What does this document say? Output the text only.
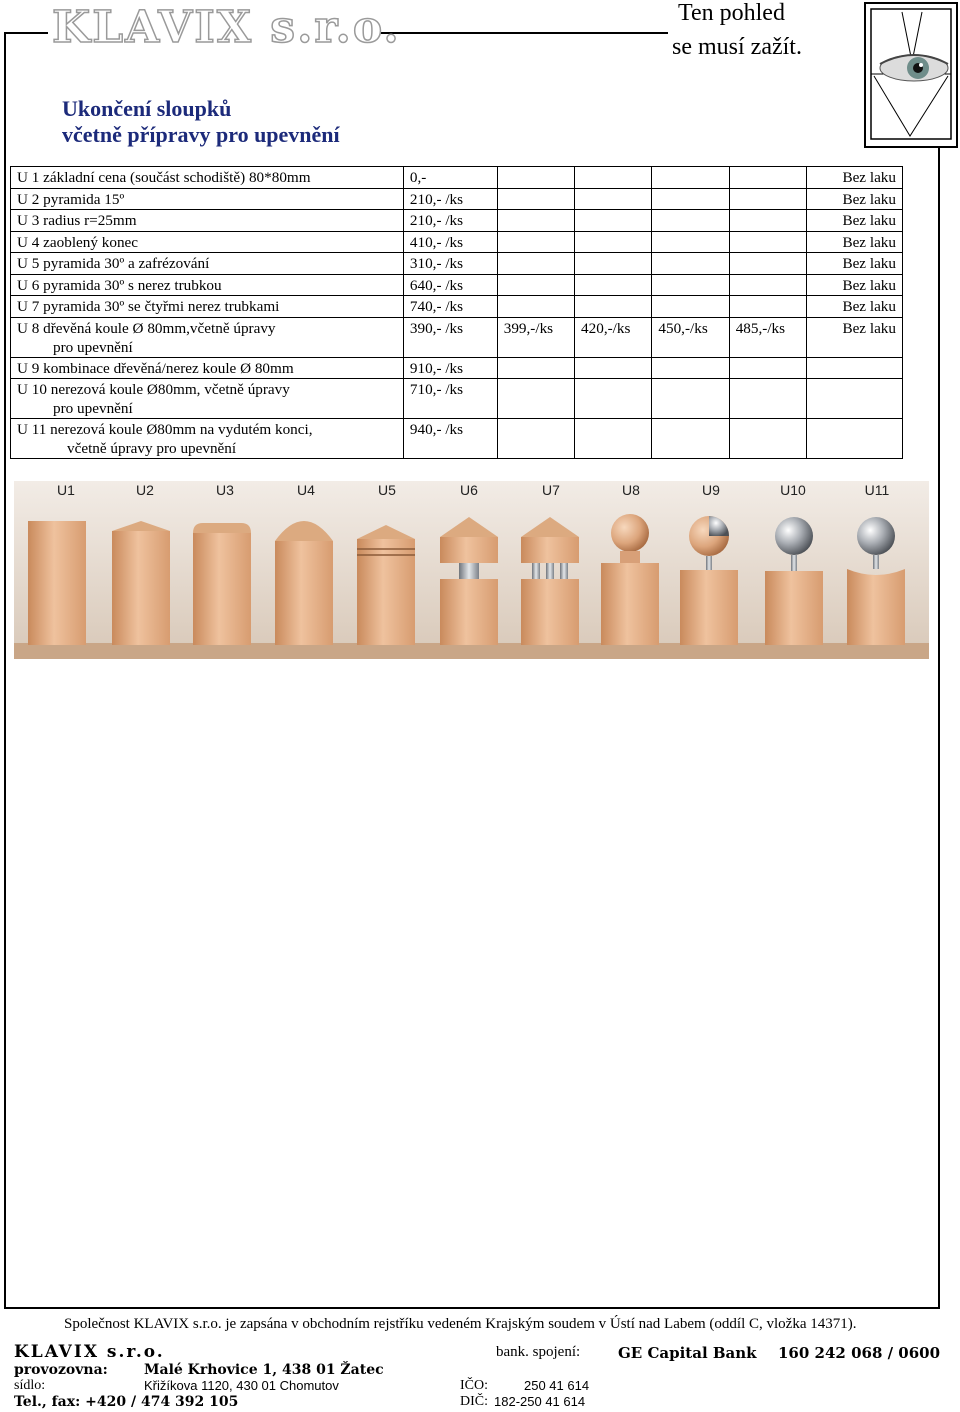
KLAVIX s.r.o.	Ten pohled
se musí zažít.
Ukončení sloupků
včetně přípravy pro upevnění
U 1 základní cena (součást schodiště) 80*80mm	0,-					Bez laku
U 2 pyramida 15º	210,- /ks					Bez laku
U 3 radius r=25mm	210,- /ks					Bez laku
U 4 zaoblený konec	410,- /ks					Bez laku
U 5 pyramida 30º a zafrézování	310,- /ks					Bez laku
U 6 pyramida 30º s nerez trubkou	640,- /ks					Bez laku
U 7 pyramida 30º se čtyřmi nerez trubkami	740,- /ks					Bez laku
U 8 dřevěná koule Ø 80mm,včetně úpravy
pro upevnění	390,- /ks	399,-/ks	420,-/ks	450,-/ks	485,-/ks	Bez laku
U 9 kombinace dřevěná/nerez koule Ø 80mm	910,- /ks					
U 10 nerezová koule Ø80mm, včetně úpravy
pro upevnění	710,- /ks					
U 11 nerezová koule Ø80mm na vydutém konci,
včetně úpravy pro upevnění	940,- /ks					
U1	U2	U3	U4	U5	U6	U7	U8	U9	U10	U11
Společnost KLAVIX s.r.o. je zapsána v obchodním rejstříku vedeném Krajským soudem v Ústí nad Labem (oddíl C, vložka 14371).
KLAVIX s.r.o.	bank. spojení:	GE Capital Bank 160 242 068 / 0600
provozovna:	Malé Krhovice 1, 438 01 Žatec
sídlo:	Křižíkova 1120, 430 01 Chomutov	IČO:	250 41 614
Tel., fax: +420 / 474 392 105	DIČ: 182-250 41 614
